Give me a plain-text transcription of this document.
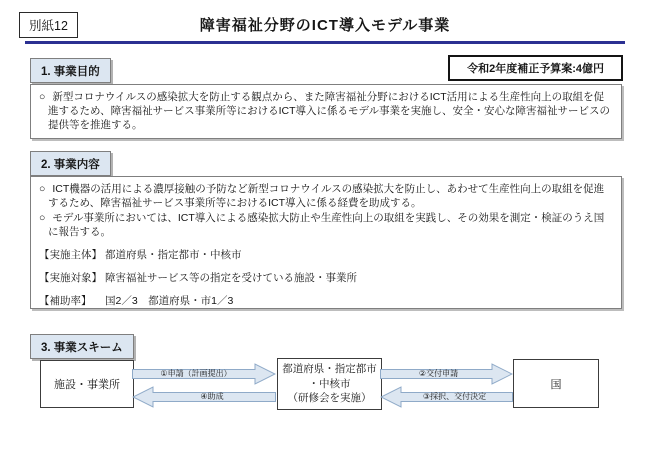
別紙12	障害福祉分野のICT導入モデル事業
令和2年度補正予算案:4億円
1. 事業目的

○ 新型コロナウイルスの感染拡大を防止する観点から、また障害福祉分野におけるICT活用による生産性向上の取組を促進するため、障害福祉サービス事業所等におけるICT導入に係るモデル事業を実施し、安全・安心な障害福祉サービスの提供等を推進する。

2. 事業内容

○ ICT機器の活用による濃厚接触の予防など新型コロナウイルスの感染拡大を防止し、あわせて生産性向上の取組を促進するため、障害福祉サービス事業所等におけるICT導入に係る経費を助成する。

○ モデル事業所においては、ICT導入による感染拡大防止や生産性向上の取組を実践し、その効果を測定・検証のうえ国に報告する。

【実施主体】 都道府県・指定都市・中核市
【実施対象】 障害福祉サービス等の指定を受けている施設・事業所
【補助率】 国2／3　都道府県・市1／3
3. 事業スキーム
施設・事業所
都道府県・指定都市
・中核市
（研修会を実施）
国
①申請（計画提出）
④助成
②交付申請
③採択、交付決定
